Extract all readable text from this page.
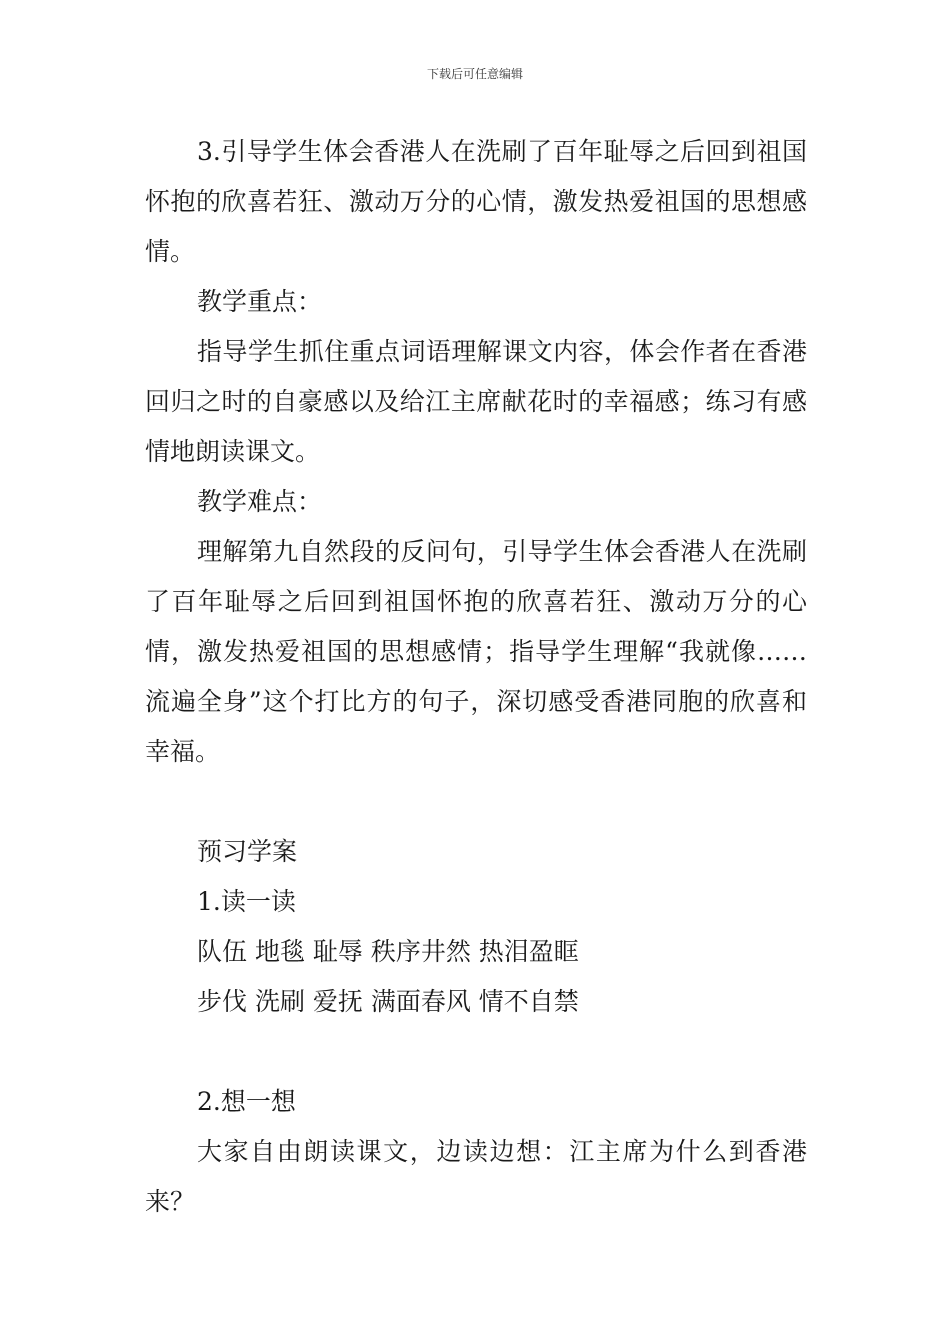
下载后可任意编辑

3.引导学生体会香港人在洗刷了百年耻辱之后回到祖国怀抱的欣喜若狂、激动万分的心情，激发热爱祖国的思想感情。

教学重点：

指导学生抓住重点词语理解课文内容，体会作者在香港回归之时的自豪感以及给江主席献花时的幸福感；练习有感情地朗读课文。

教学难点：

理解第九自然段的反问句，引导学生体会香港人在洗刷了百年耻辱之后回到祖国怀抱的欣喜若狂、激动万分的心情，激发热爱祖国的思想感情；指导学生理解“我就像……流遍全身”这个打比方的句子，深切感受香港同胞的欣喜和幸福。

预习学案

1.读一读

队伍 地毯 耻辱 秩序井然 热泪盈眶

步伐 洗刷 爱抚 满面春风 情不自禁

2.想一想

大家自由朗读课文，边读边想：江主席为什么到香港来？
